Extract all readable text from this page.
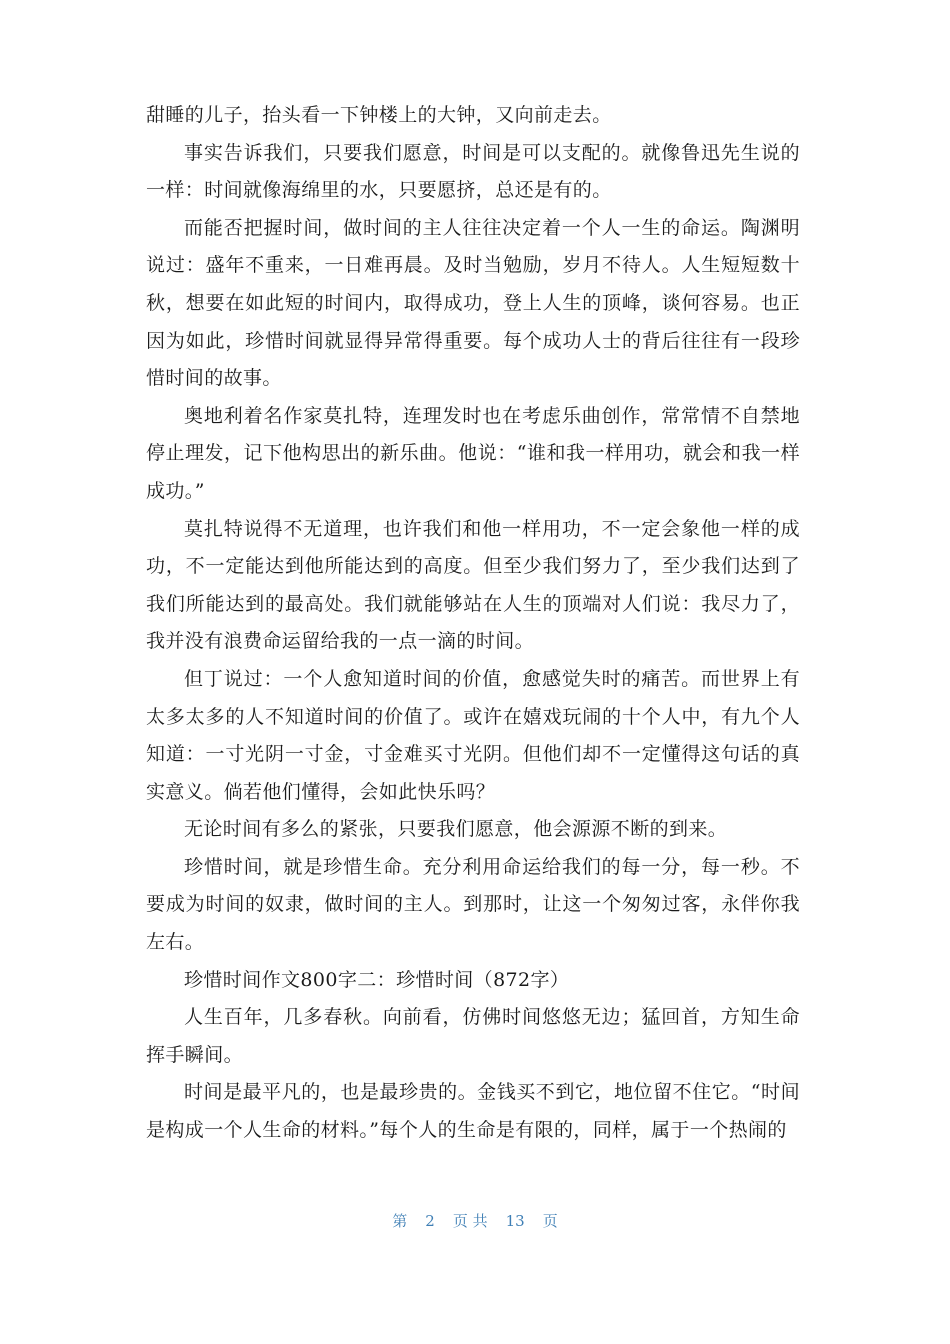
甜睡的儿子，抬头看一下钟楼上的大钟，又向前走去。

事实告诉我们，只要我们愿意，时间是可以支配的。就像鲁迅先生说的一样：时间就像海绵里的水，只要愿挤，总还是有的。

而能否把握时间，做时间的主人往往决定着一个人一生的命运。陶渊明说过：盛年不重来，一日难再晨。及时当勉励，岁月不待人。人生短短数十秋，想要在如此短的时间内，取得成功，登上人生的顶峰，谈何容易。也正因为如此，珍惜时间就显得异常得重要。每个成功人士的背后往往有一段珍惜时间的故事。

奥地利着名作家莫扎特，连理发时也在考虑乐曲创作，常常情不自禁地停止理发，记下他构思出的新乐曲。他说：“谁和我一样用功，就会和我一样成功。”

莫扎特说得不无道理，也许我们和他一样用功，不一定会象他一样的成功，不一定能达到他所能达到的高度。但至少我们努力了，至少我们达到了我们所能达到的最高处。我们就能够站在人生的顶端对人们说：我尽力了，我并没有浪费命运留给我的一点一滴的时间。

但丁说过：一个人愈知道时间的价值，愈感觉失时的痛苦。而世界上有太多太多的人不知道时间的价值了。或许在嬉戏玩闹的十个人中，有九个人知道：一寸光阴一寸金，寸金难买寸光阴。但他们却不一定懂得这句话的真实意义。倘若他们懂得，会如此快乐吗？

无论时间有多么的紧张，只要我们愿意，他会源源不断的到来。

珍惜时间，就是珍惜生命。充分利用命运给我们的每一分，每一秒。不要成为时间的奴隶，做时间的主人。到那时，让这一个匆匆过客，永伴你我左右。

珍惜时间作文800字二：珍惜时间（872字）

人生百年，几多春秋。向前看，仿佛时间悠悠无边；猛回首，方知生命挥手瞬间。

时间是最平凡的，也是最珍贵的。金钱买不到它，地位留不住它。“时间是构成一个人生命的材料。”每个人的生命是有限的，同样，属于一个热闹的

第 2 页 共 13 页
